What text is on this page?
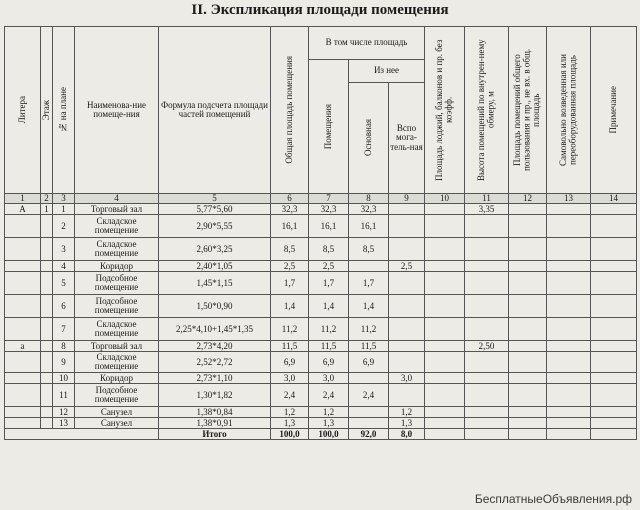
II. Экспликация площади помещения
Литера	Этаж	№ на плане	Наименова-ние помеще-ния	Формула подсчета площади частей помещений	Общая площадь помещения	В том числе площадь			Площадь лоджий, балконов и пр. без коэфф.	Высота помещений по внутрен-нему обмеру, м	Площадь помещений общего пользования и пр., не вх. в общ. площадь	Самовольно возведенная или переоборудованная площадь	Примечание

						Помещения	Из нее						

							Основная	Вспо мога-тель-ная					
1	2	3	4	5	6	7	8	9	10	11	12	13	14
А	1	1	Торговый зал	5,77*5,60	32,3	32,3	32,3			3,35			
		2	Складское помещение	2,90*5,55	16,1	16,1	16,1						
		3	Складское помещение	2,60*3,25	8,5	8,5	8,5						
		4	Коридор	2,40*1,05	2,5	2,5		2,5					
		5	Подсобное помещение	1,45*1,15	1,7	1,7	1,7						
		6	Подсобное помещение	1,50*0,90	1,4	1,4	1,4						
		7	Складское помещение	2,25*4,10+1,45*1,35	11,2	11,2	11,2						
а		8	Торговый зал	2,73*4,20	11,5	11,5	11,5			2,50			
		9	Складское помещение	2,52*2,72	6,9	6,9	6,9						
		10	Коридор	2,73*1,10	3,0	3,0		3,0					
		11	Подсобное помещение	1,30*1,82	2,4	2,4	2,4						
		12	Санузел	1,38*0,84	1,2	1,2		1,2					
		13	Санузел	1,38*0,91	1,3	1,3		1,3					
				Итого	100,0	100,0	92,0	8,0					
БесплатныеОбъявления.рф
